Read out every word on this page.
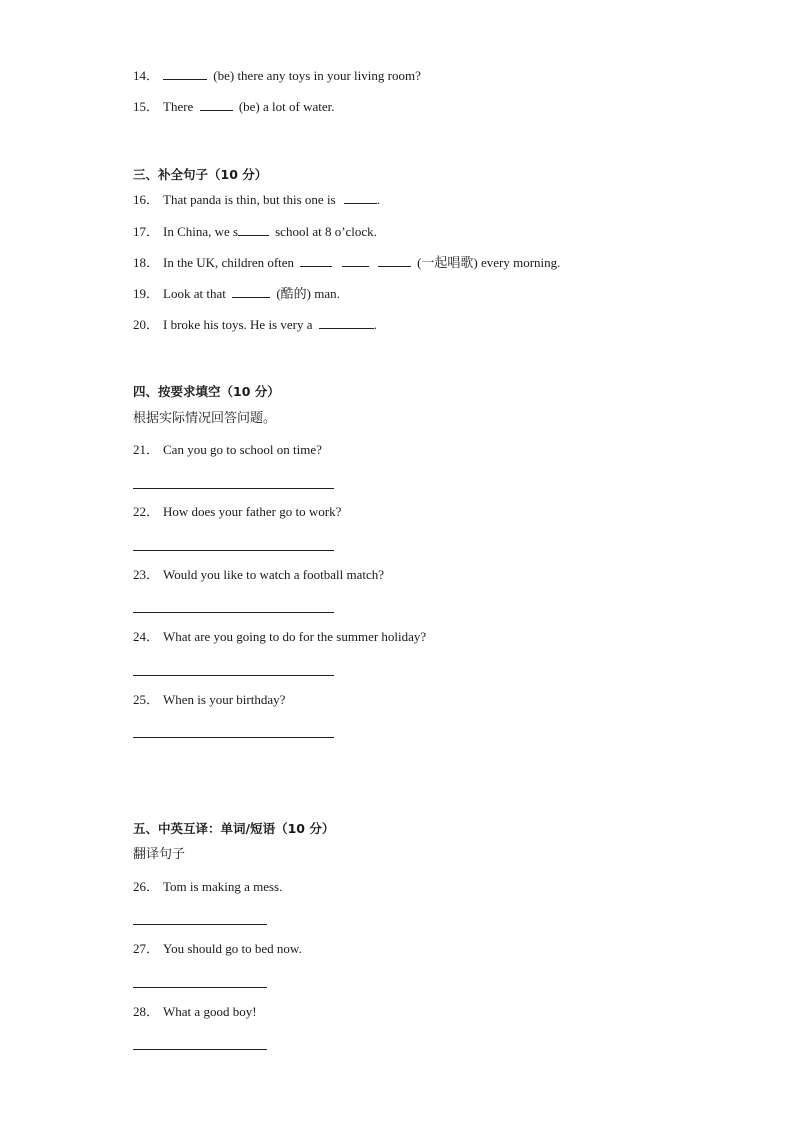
14．	(be) there any toys in your living room?
15． There	(be) a lot of water.
三、补全句子（10 分）
16． That panda is thin, but this one is	.
17． In China, we s	school at 8 o’clock.
18． In the UK, children often	(一起唱歌) every morning.
19． Look at that	(酷的) man.
20． I broke his toys. He is very a	.
四、按要求填空（10 分）
根据实际情况回答问题。
21． Can you go to school on time?
22． How does your father go to work?
23． Would you like to watch a football match?
24． What are you going to do for the summer holiday?
25． When is your birthday?
五、中英互译：单词/短语（10 分）
翻译句子
26． Tom is making a mess.
27． You should go to bed now.
28． What a good boy!
